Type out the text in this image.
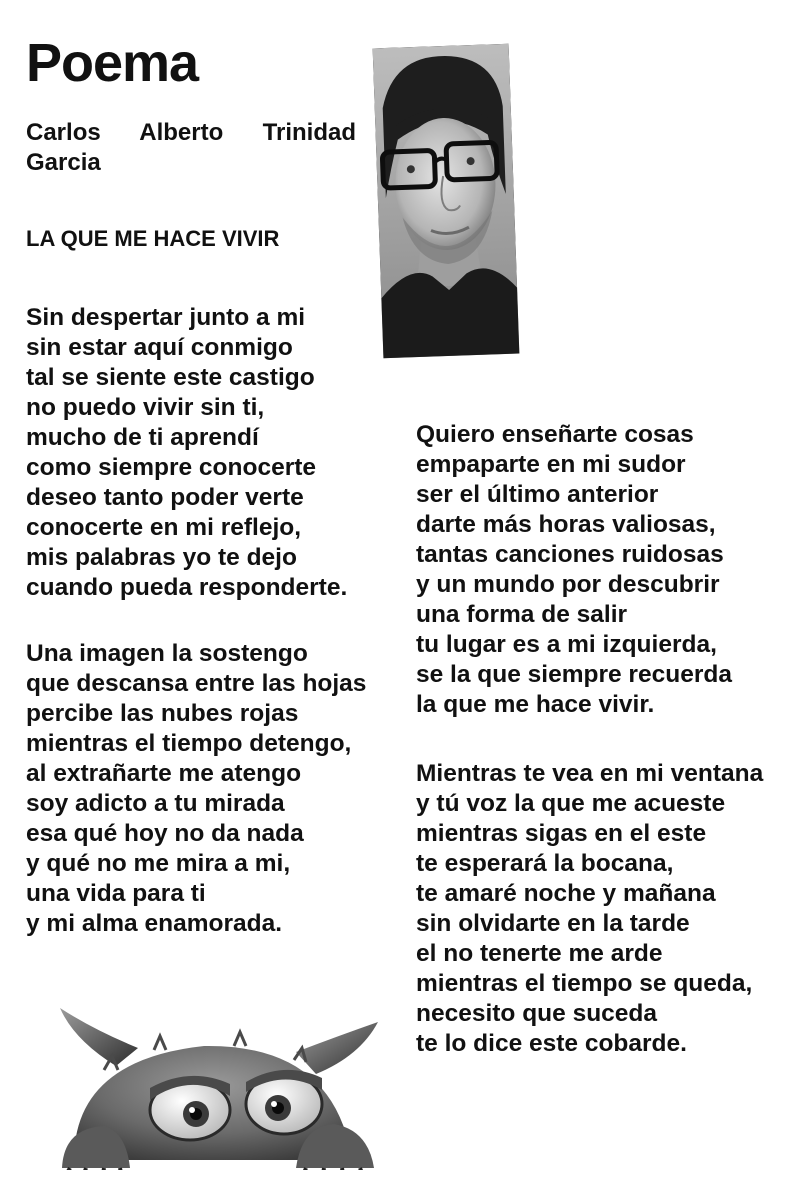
Poema
Carlos Alberto Trinidad Garcia
LA QUE ME HACE VIVIR
Sin despertar junto a mi
sin estar aquí conmigo
tal se siente este castigo
no puedo vivir sin ti,
mucho de ti aprendí
como siempre conocerte
deseo tanto poder verte
conocerte en mi reflejo,
mis palabras yo te dejo
cuando pueda responderte.
Una imagen la sostengo
que descansa entre las hojas
percibe las nubes rojas
mientras el tiempo detengo,
al extrañarte me atengo
soy adicto a tu mirada
esa qué hoy no da nada
y qué no me mira a mi,
una vida para ti
y mi alma enamorada.
Quiero enseñarte cosas
empaparte en mi sudor
ser el último anterior
darte más horas valiosas,
tantas canciones ruidosas
y un mundo por descubrir
una forma de salir
tu lugar es a mi izquierda,
se la que siempre recuerda
la que me hace vivir.
Mientras te vea en mi ventana
y tú voz la que me acueste
mientras sigas en el este
te esperará la bocana,
te amaré noche y mañana
sin olvidarte en la tarde
el no tenerte me arde
mientras el tiempo se queda,
necesito que suceda
te lo dice este cobarde.
